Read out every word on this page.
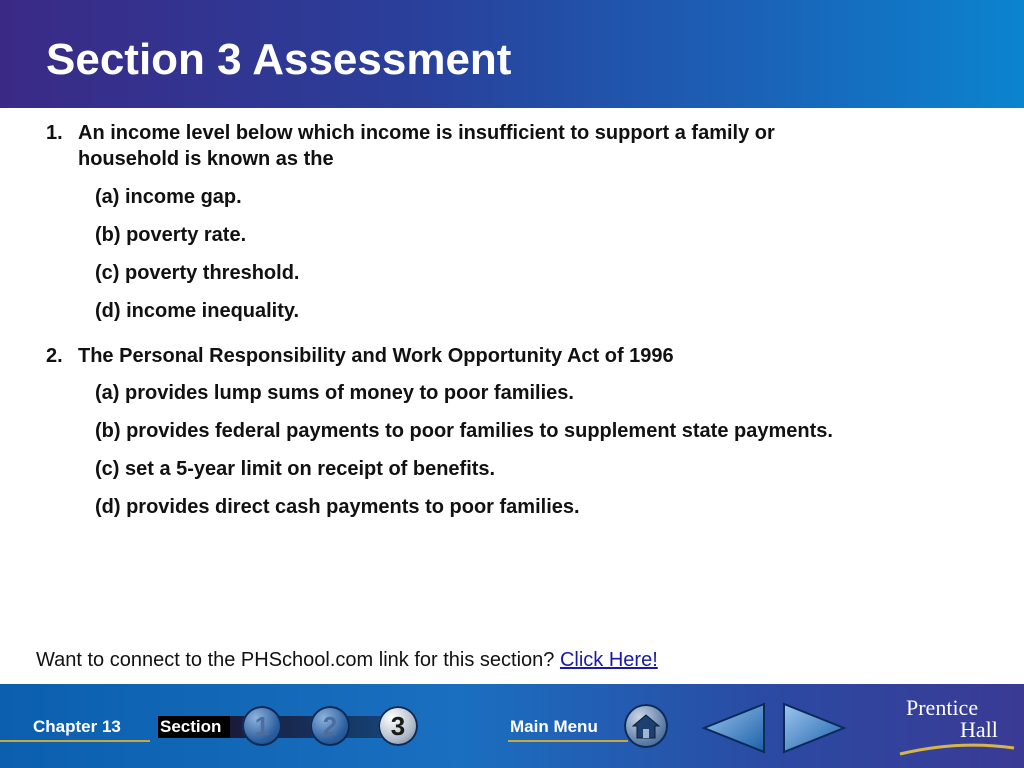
Section 3 Assessment
1. An income level below which income is insufficient to support a family or
household is known as the
(a) income gap.
(b) poverty rate.
(c) poverty threshold.
(d) income inequality.
2. The Personal Responsibility and Work Opportunity Act of 1996
(a) provides lump sums of money to poor families.
(b) provides federal payments to poor families to supplement state payments.
(c) set a 5-year limit on receipt of benefits.
(d) provides direct cash payments to poor families.
Want to connect to the PHSchool.com link for this section? Click Here!
Chapter 13 Section	1	2	3	Main Menu
Prentice
Hall
